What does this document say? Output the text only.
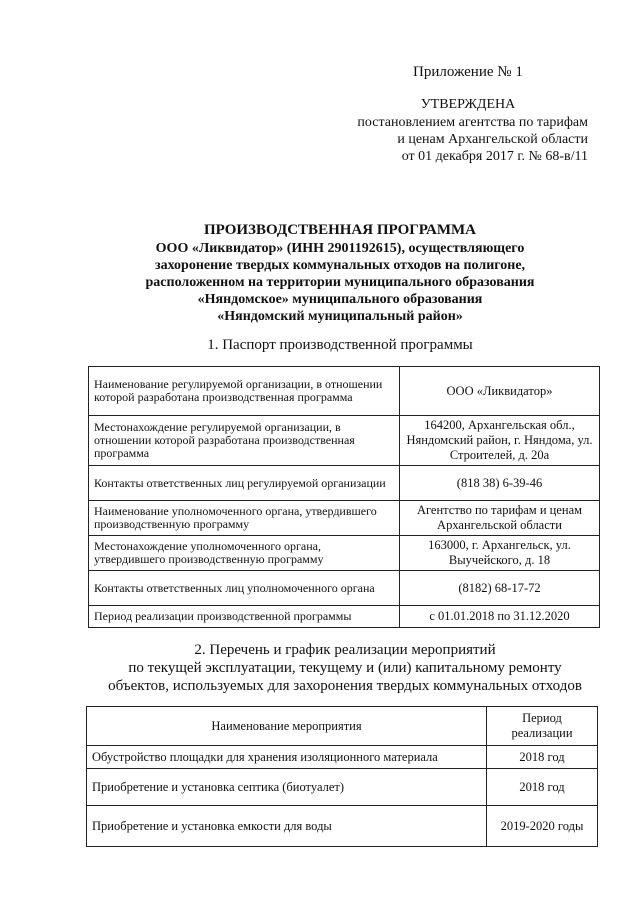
Приложение № 1
УТВЕРЖДЕНА
постановлением агентства по тарифам
и ценам Архангельской области
от 01 декабря 2017 г. № 68-в/11
ПРОИЗВОДСТВЕННАЯ ПРОГРАММА
ООО «Ликвидатор» (ИНН 2901192615), осуществляющего
захоронение твердых коммунальных отходов на полигоне,
расположенном на территории муниципального образования
«Няндомское» муниципального образования
«Няндомский муниципальный район»
1. Паспорт производственной программы
Наименование регулируемой организации, в отношении которой разработана производственная программа	ООО «Ликвидатор»
Местонахождение регулируемой организации, в отношении которой разработана производственная программа	164200, Архангельская обл., Няндомский район, г. Няндома, ул. Строителей, д. 20а
Контакты ответственных лиц регулируемой организации	(818 38) 6-39-46
Наименование уполномоченного органа, утвердившего производственную программу	Агентство по тарифам и ценам Архангельской области
Местонахождение уполномоченного органа, утвердившего производственную программу	163000, г. Архангельск, ул. Выучейского, д. 18
Контакты ответственных лиц уполномоченного органа	(8182) 68-17-72
Период реализации производственной программы	с 01.01.2018 по 31.12.2020
2. Перечень и график реализации мероприятий
по текущей эксплуатации, текущему и (или) капитальному ремонту
объектов, используемых для захоронения твердых коммунальных отходов
Наименование мероприятия	Период реализации
Обустройство площадки для хранения изоляционного материала	2018 год
Приобретение и установка септика (биотуалет)	2018 год
Приобретение и установка емкости для воды	2019-2020 годы
